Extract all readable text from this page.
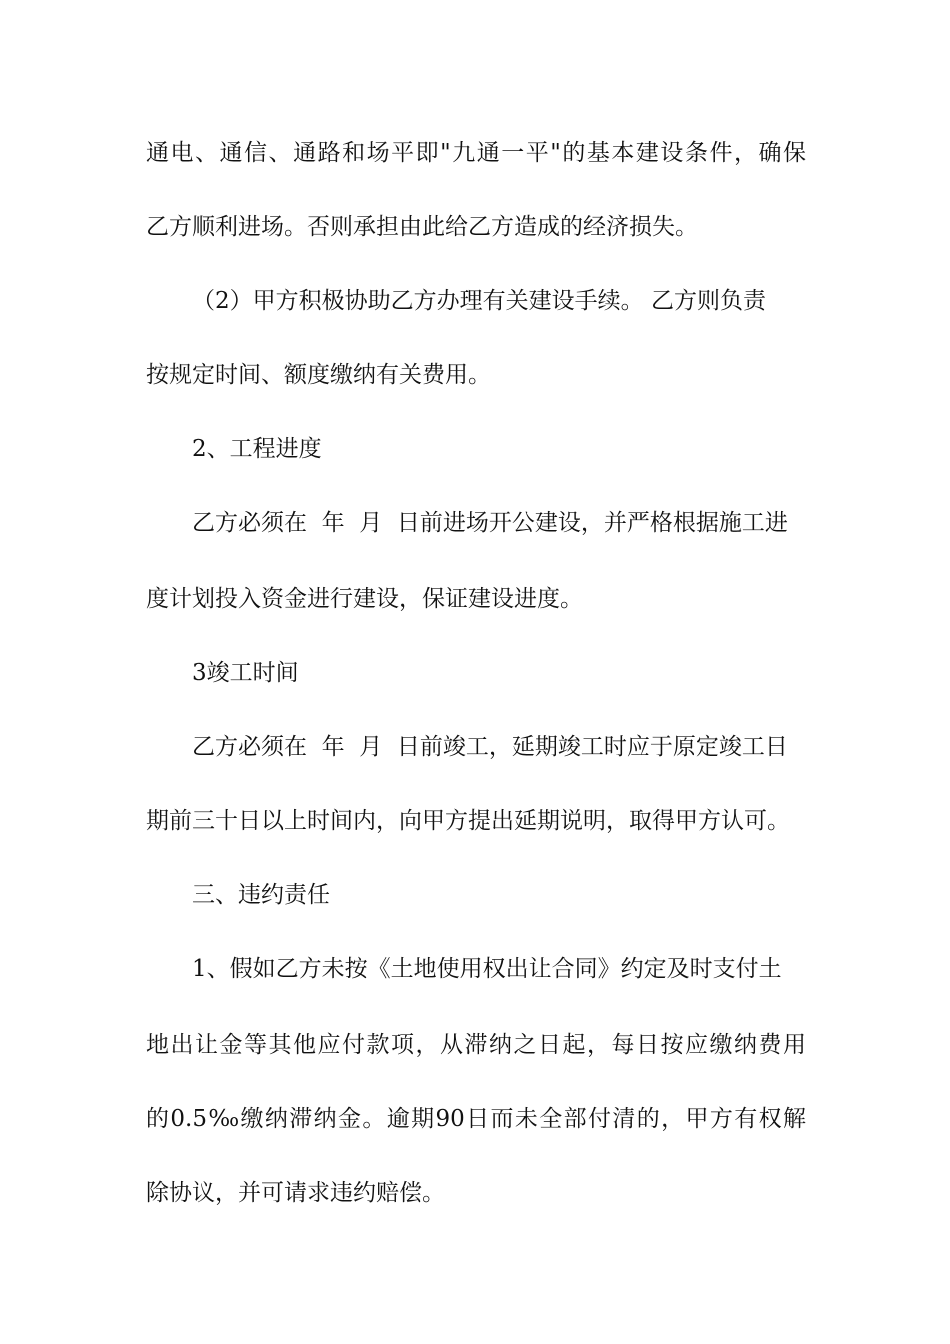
通电、通信、通路和场平即"九通一平"的基本建设条件，确保
乙方顺利进场。否则承担由此给乙方造成的经济损失。
（2）甲方积极协助乙方办理有关建设手续。 乙方则负责
按规定时间、额度缴纳有关费用。
2、工程进度
乙方必须在  年  月  日前进场开公建设，并严格根据施工进
度计划投入资金进行建设，保证建设进度。
3竣工时间
乙方必须在  年  月  日前竣工，延期竣工时应于原定竣工日
期前三十日以上时间内，向甲方提出延期说明，取得甲方认可。
三、违约责任
1、假如乙方未按《土地使用权出让合同》约定及时支付土
地出让金等其他应付款项，从滞纳之日起，每日按应缴纳费用
的0.5‰缴纳滞纳金。逾期90日而未全部付清的，甲方有权解
除协议，并可请求违约赔偿。
